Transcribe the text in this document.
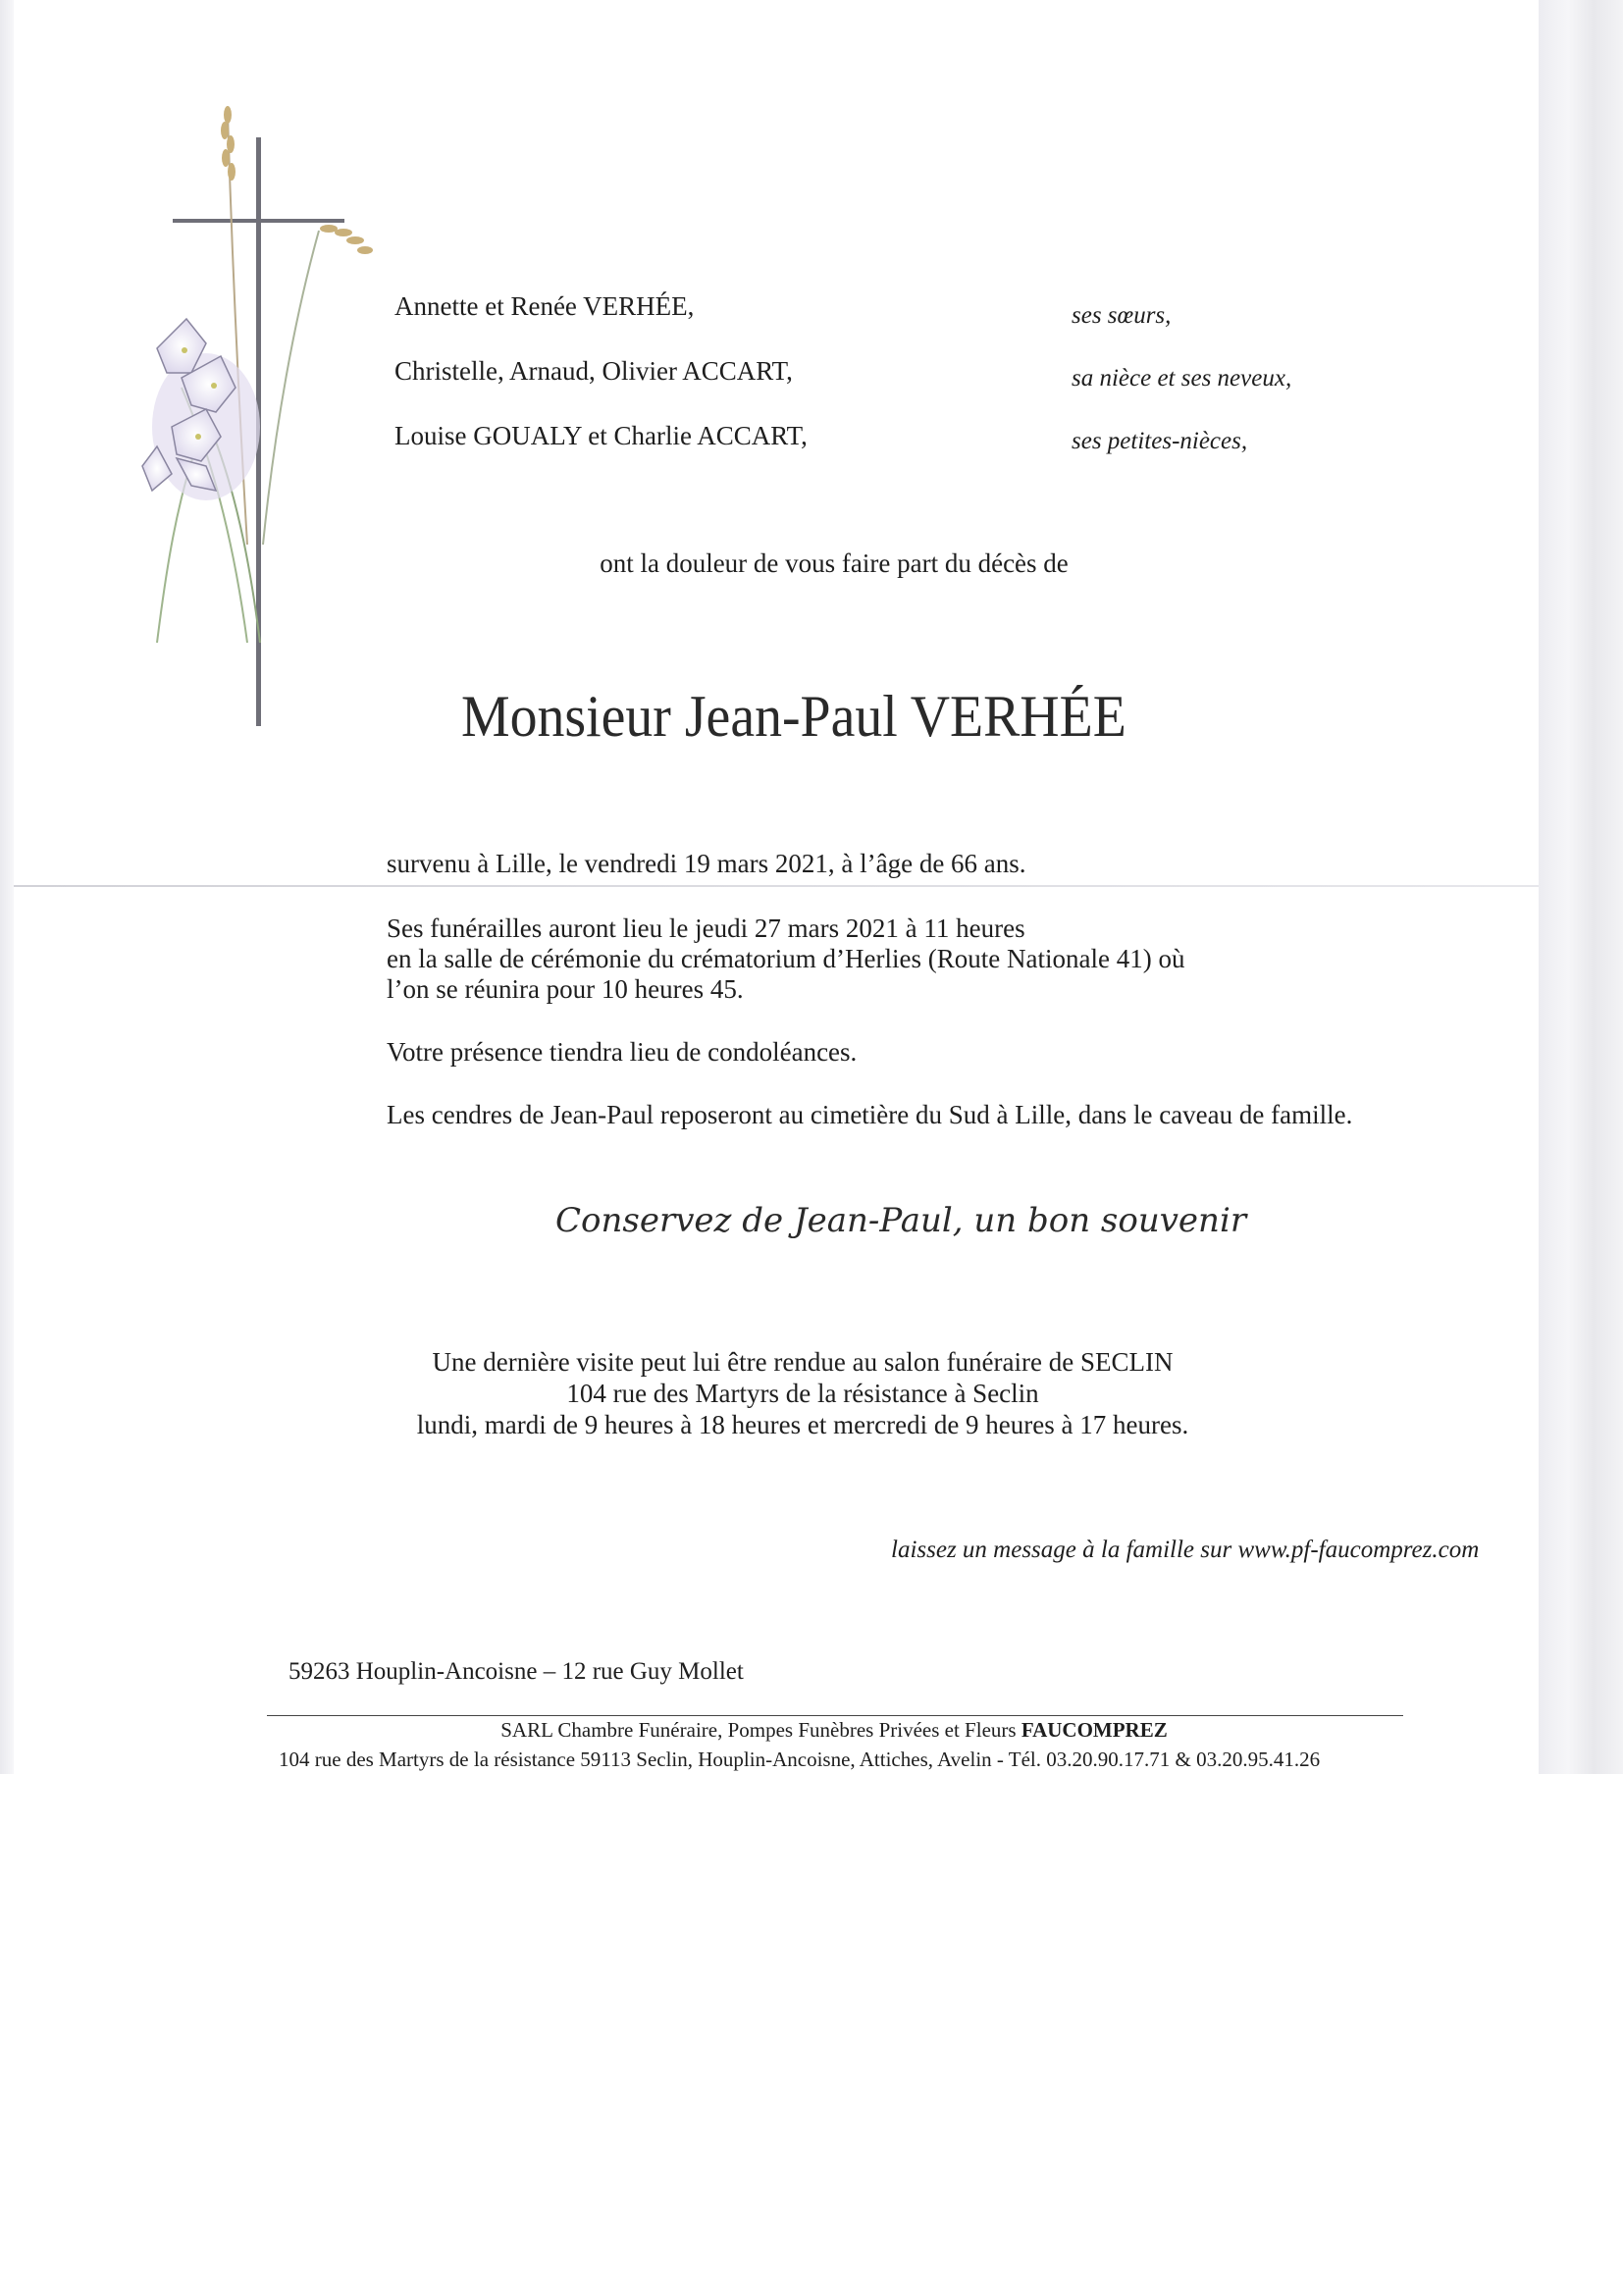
Annette et Renée VERHÉE,	ses sœurs,
Christelle, Arnaud, Olivier ACCART,	sa nièce et ses neveux,
Louise GOUALY et Charlie ACCART,	ses petites-nièces,
ont la douleur de vous faire part du décès de
Monsieur Jean-Paul VERHÉE
survenu à Lille, le vendredi 19 mars 2021, à l’âge de 66 ans.
Ses funérailles auront lieu le jeudi 27 mars 2021 à 11 heures
en la salle de cérémonie du crématorium d’Herlies (Route Nationale 41) où
l’on se réunira pour 10 heures 45.
Votre présence tiendra lieu de condoléances.
Les cendres de Jean-Paul reposeront au cimetière du Sud à Lille, dans le caveau de famille.
Conservez de Jean-Paul, un bon souvenir
Une dernière visite peut lui être rendue au salon funéraire de SECLIN
104 rue des Martyrs de la résistance à Seclin
lundi, mardi de 9 heures à 18 heures et mercredi de 9 heures à 17 heures.
laissez un message à la famille sur www.pf-faucomprez.com
59263 Houplin-Ancoisne – 12 rue Guy Mollet
SARL Chambre Funéraire, Pompes Funèbres Privées et Fleurs FAUCOMPREZ
104 rue des Martyrs de la résistance 59113 Seclin, Houplin-Ancoisne, Attiches, Avelin - Tél. 03.20.90.17.71 & 03.20.95.41.26
